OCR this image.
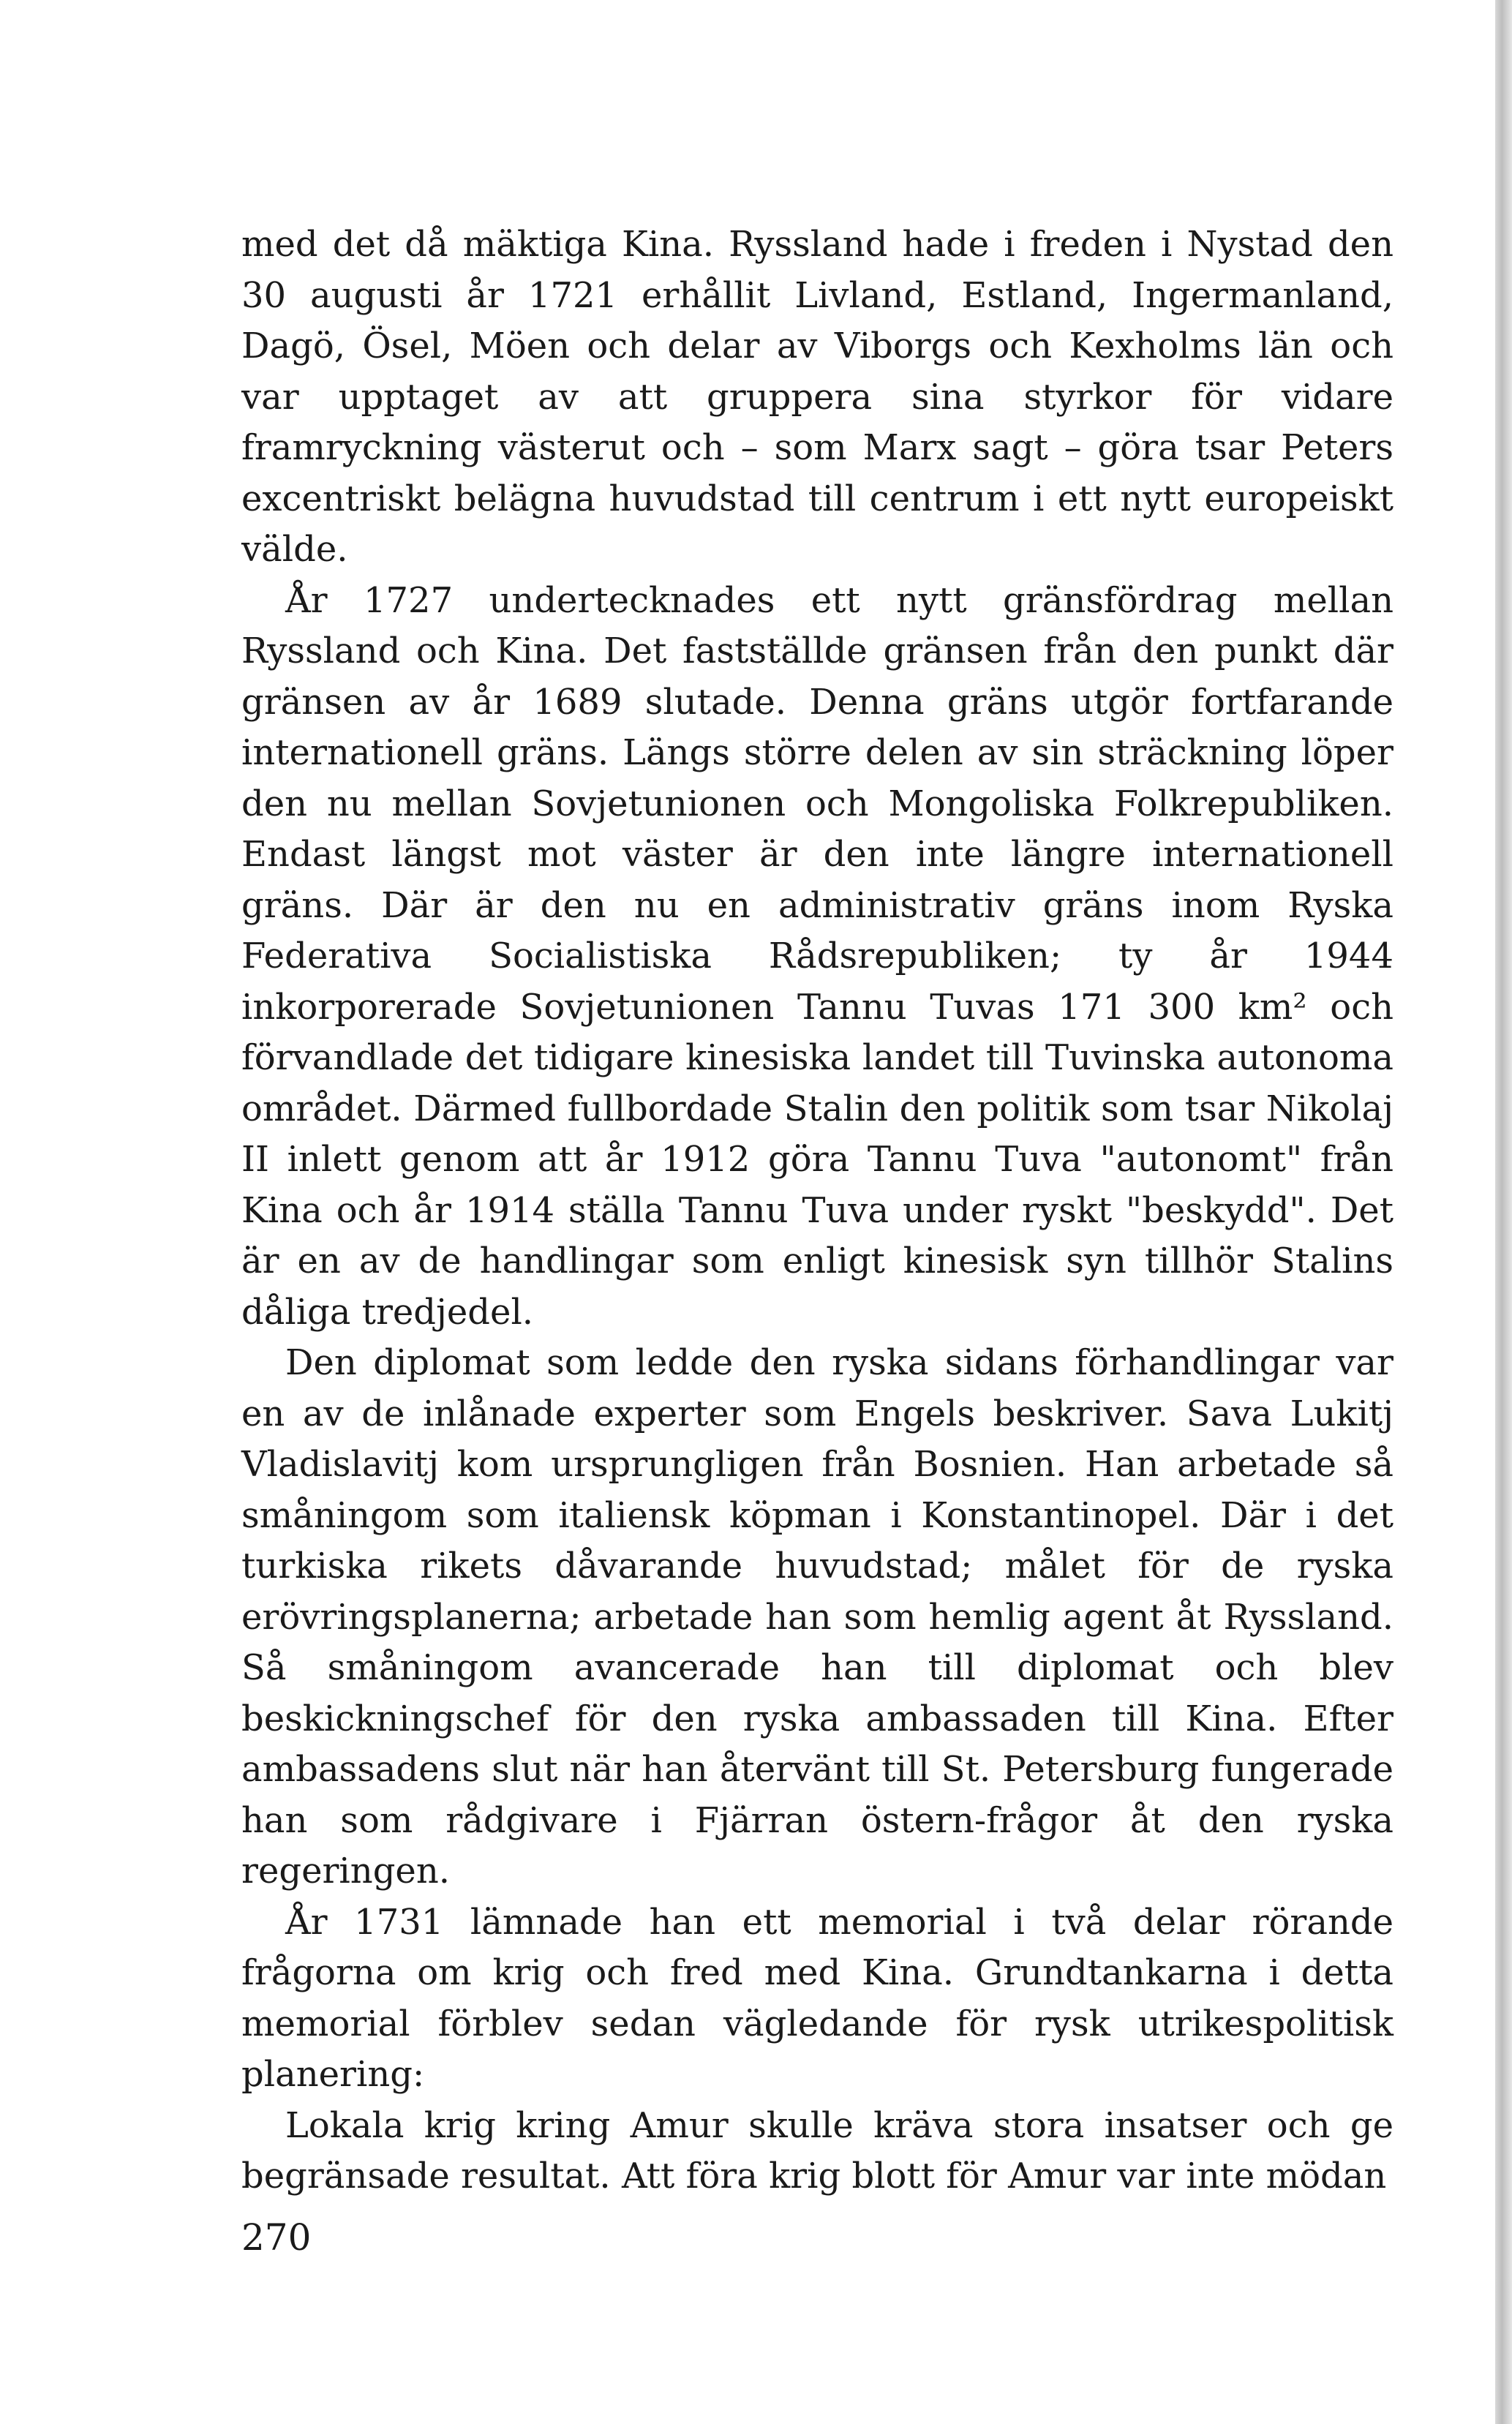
med det då mäktiga Kina. Ryssland hade i freden i Nystad den 30 augusti år 1721 erhållit Livland, Estland, Ingermanland, Dagö, Ösel, Möen och delar av Viborgs och Kexholms län och var upptaget av att gruppera sina styrkor för vidare framryckning västerut och – som Marx sagt – göra tsar Peters excentriskt belägna huvudstad till centrum i ett nytt europeiskt välde.

År 1727 undertecknades ett nytt gränsfördrag mellan Ryssland och Kina. Det fastställde gränsen från den punkt där gränsen av år 1689 slutade. Denna gräns utgör fortfarande internationell gräns. Längs större delen av sin sträckning löper den nu mellan Sovjetunionen och Mongoliska Folkrepubliken. Endast längst mot väster är den inte längre internationell gräns. Där är den nu en administrativ gräns inom Ryska Federativa Socialistiska Rådsrepubliken; ty år 1944 inkorporerade Sovjetunionen Tannu Tuvas 171 300 km² och förvandlade det tidigare kinesiska landet till Tuvinska autonoma området. Därmed fullbordade Stalin den politik som tsar Nikolaj II inlett genom att år 1912 göra Tannu Tuva "autonomt" från Kina och år 1914 ställa Tannu Tuva under ryskt "beskydd". Det är en av de handlingar som enligt kinesisk syn tillhör Stalins dåliga tredjedel.

Den diplomat som ledde den ryska sidans förhandlingar var en av de inlånade experter som Engels beskriver. Sava Lukitj Vladislavitj kom ursprungligen från Bosnien. Han arbetade så småningom som italiensk köpman i Konstantinopel. Där i det turkiska rikets dåvarande huvudstad; målet för de ryska erövringsplanerna; arbetade han som hemlig agent åt Ryssland. Så småningom avancerade han till diplomat och blev beskickningschef för den ryska ambassaden till Kina. Efter ambassadens slut när han återvänt till St. Petersburg fungerade han som rådgivare i Fjärran östern-frågor åt den ryska regeringen.

År 1731 lämnade han ett memorial i två delar rörande frågorna om krig och fred med Kina. Grundtankarna i detta memorial förblev sedan vägledande för rysk utrikespolitisk planering:

Lokala krig kring Amur skulle kräva stora insatser och ge begränsade resultat. Att föra krig blott för Amur var inte mödan

270
